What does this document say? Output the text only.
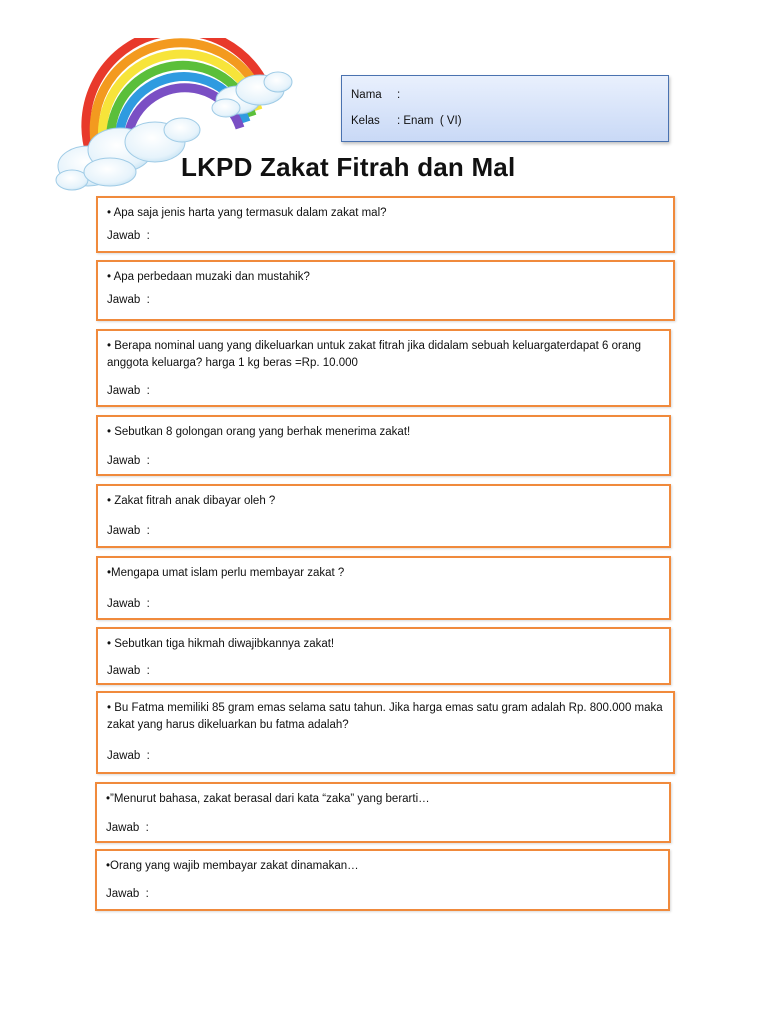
Nama :
Kelas : Enam  ( VI)
LKPD Zakat Fitrah dan Mal
• Apa saja jenis harta yang termasuk dalam zakat mal?
Jawab  :
• Apa perbedaan muzaki dan mustahik?
Jawab  :
• Berapa nominal uang yang dikeluarkan untuk zakat fitrah jika didalam sebuah keluargaterdapat 6 orang anggota keluarga? harga 1 kg beras =Rp. 10.000
Jawab  :
• Sebutkan 8 golongan orang yang berhak menerima zakat!
Jawab  :
• Zakat fitrah anak dibayar oleh ?
Jawab  :
•Mengapa umat islam perlu membayar zakat ?
Jawab  :
• Sebutkan tiga hikmah diwajibkannya zakat!
Jawab  :
• Bu Fatma memiliki 85 gram emas selama satu tahun. Jika harga emas satu gram adalah Rp. 800.000 maka zakat yang harus dikeluarkan bu fatma adalah?
Jawab  :
•”Menurut bahasa, zakat berasal dari kata “zaka” yang berarti…
Jawab  :
•Orang yang wajib membayar zakat dinamakan…
Jawab  :
